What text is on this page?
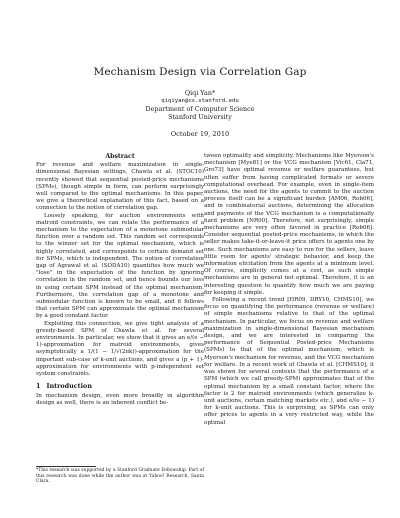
Mechanism Design via Correlation Gap
Qiqi Yan*
qiqiyan@cs.stanford.edu
Department of Computer Science
Stanford University
October 19, 2010
Abstract

For revenue and welfare maximization in single-dimensional Bayesian settings, Chawla et al. (STOC10) recently showed that sequential posted-price mechanisms (SPMs), though simple in form, can perform surprisingly well compared to the optimal mechanisms. In this paper, we give a theoretical explanation of this fact, based on a connection to the notion of correlation gap.

Loosely speaking, for auction environments with matroid constraints, we can relate the performance of a mechanism to the expectation of a monotone submodular function over a random set. This random set corresponds to the winner set for the optimal mechanism, which is highly correlated, and corresponds to certain demand set for SPMs, which is independent. The notion of correlation gap of Agrawal et al. (SODA10) quantifies how much we "lose" in the expectation of the function by ignoring correlation in the random set, and hence bounds our loss in using certain SPM instead of the optimal mechanism. Furthermore, the correlation gap of a monotone and submodular function is known to be small, and it follows that certain SPM can approximate the optimal mechanism by a good constant factor.

Exploiting this connection, we give tight analysis of a greedy-based SPM of Chawla et al. for several environments. In particular, we show that it gives an e/(e − 1)-approximation for matroid environments, gives asymptotically a 1/(1 − 1/√(2πk))-approximation for the important sub-case of k-unit auctions, and gives a (p + 1)-approximation for environments with p-independent set system constraints.

1 Introduction

In mechanism design, even more broadly in algorithm design as well, there is an inherent conflict be-

tween optimality and simplicity. Mechanisms like Myerson's mechanism [Mye81] or the VCG mechanism [Vic61, Cla71, Gro73] have optimal revenue or welfare guarantees, but often suffer from having complicated formats or severe computational overhead. For example, even in single-item auctions, the need for the agents to commit to the auction process itself can be a significant burden [AM06, Rob06], and in combinatorial auctions, determining the allocation and payments of the VCG mechanism is a computationally hard problem [NR00]. Therefore, not surprisingly, simple mechanisms are very often favored in practice [Rob06]. Consider sequential posted-price mechanisms, in which the seller makes take-it-or-leave-it price offers to agents one by one. Such mechanisms are easy to run for the sellers, leave little room for agents' strategic behavior, and keep the information elicitation from the agents at a minimum level. Of course, simplicity comes at a cost, as such simple mechanisms are in general not optimal. Therefore, it is an interesting question to quantify how much we are paying for keeping it simple.

Following a recent trend [HR09, DRY10, CHMS10], we focus on quantifying the performance (revenue or welfare) of simple mechanisms relative to that of the optimal mechanism. In particular, we focus on revenue and welfare maximization in single-dimensional Bayesian mechanism design, and we are interested in comparing the performance of Sequential Posted-price Mechanisms (SPMs) to that of the optimal mechanism, which is Myerson's mechanism for revenue, and the VCG mechanism for welfare. In a recent work of Chawla et al. [CHMS10], it was shown for several contexts that the performance of a SPM (which we call greedy-SPM) approximates that of the optimal mechanism by a small constant factor, where the factor is 2 for matroid environments (which generalize k-unit auctions, certain matching markets etc.), and e/(e − 1) for k-unit auctions. This is surprising, as SPMs can only offer prices to agents in a very restricted way, while the optimal

*This research was supported by a Stanford Graduate Fellowship. Part of this research was done while the author was at Yahoo! Research, Santa Clara.
